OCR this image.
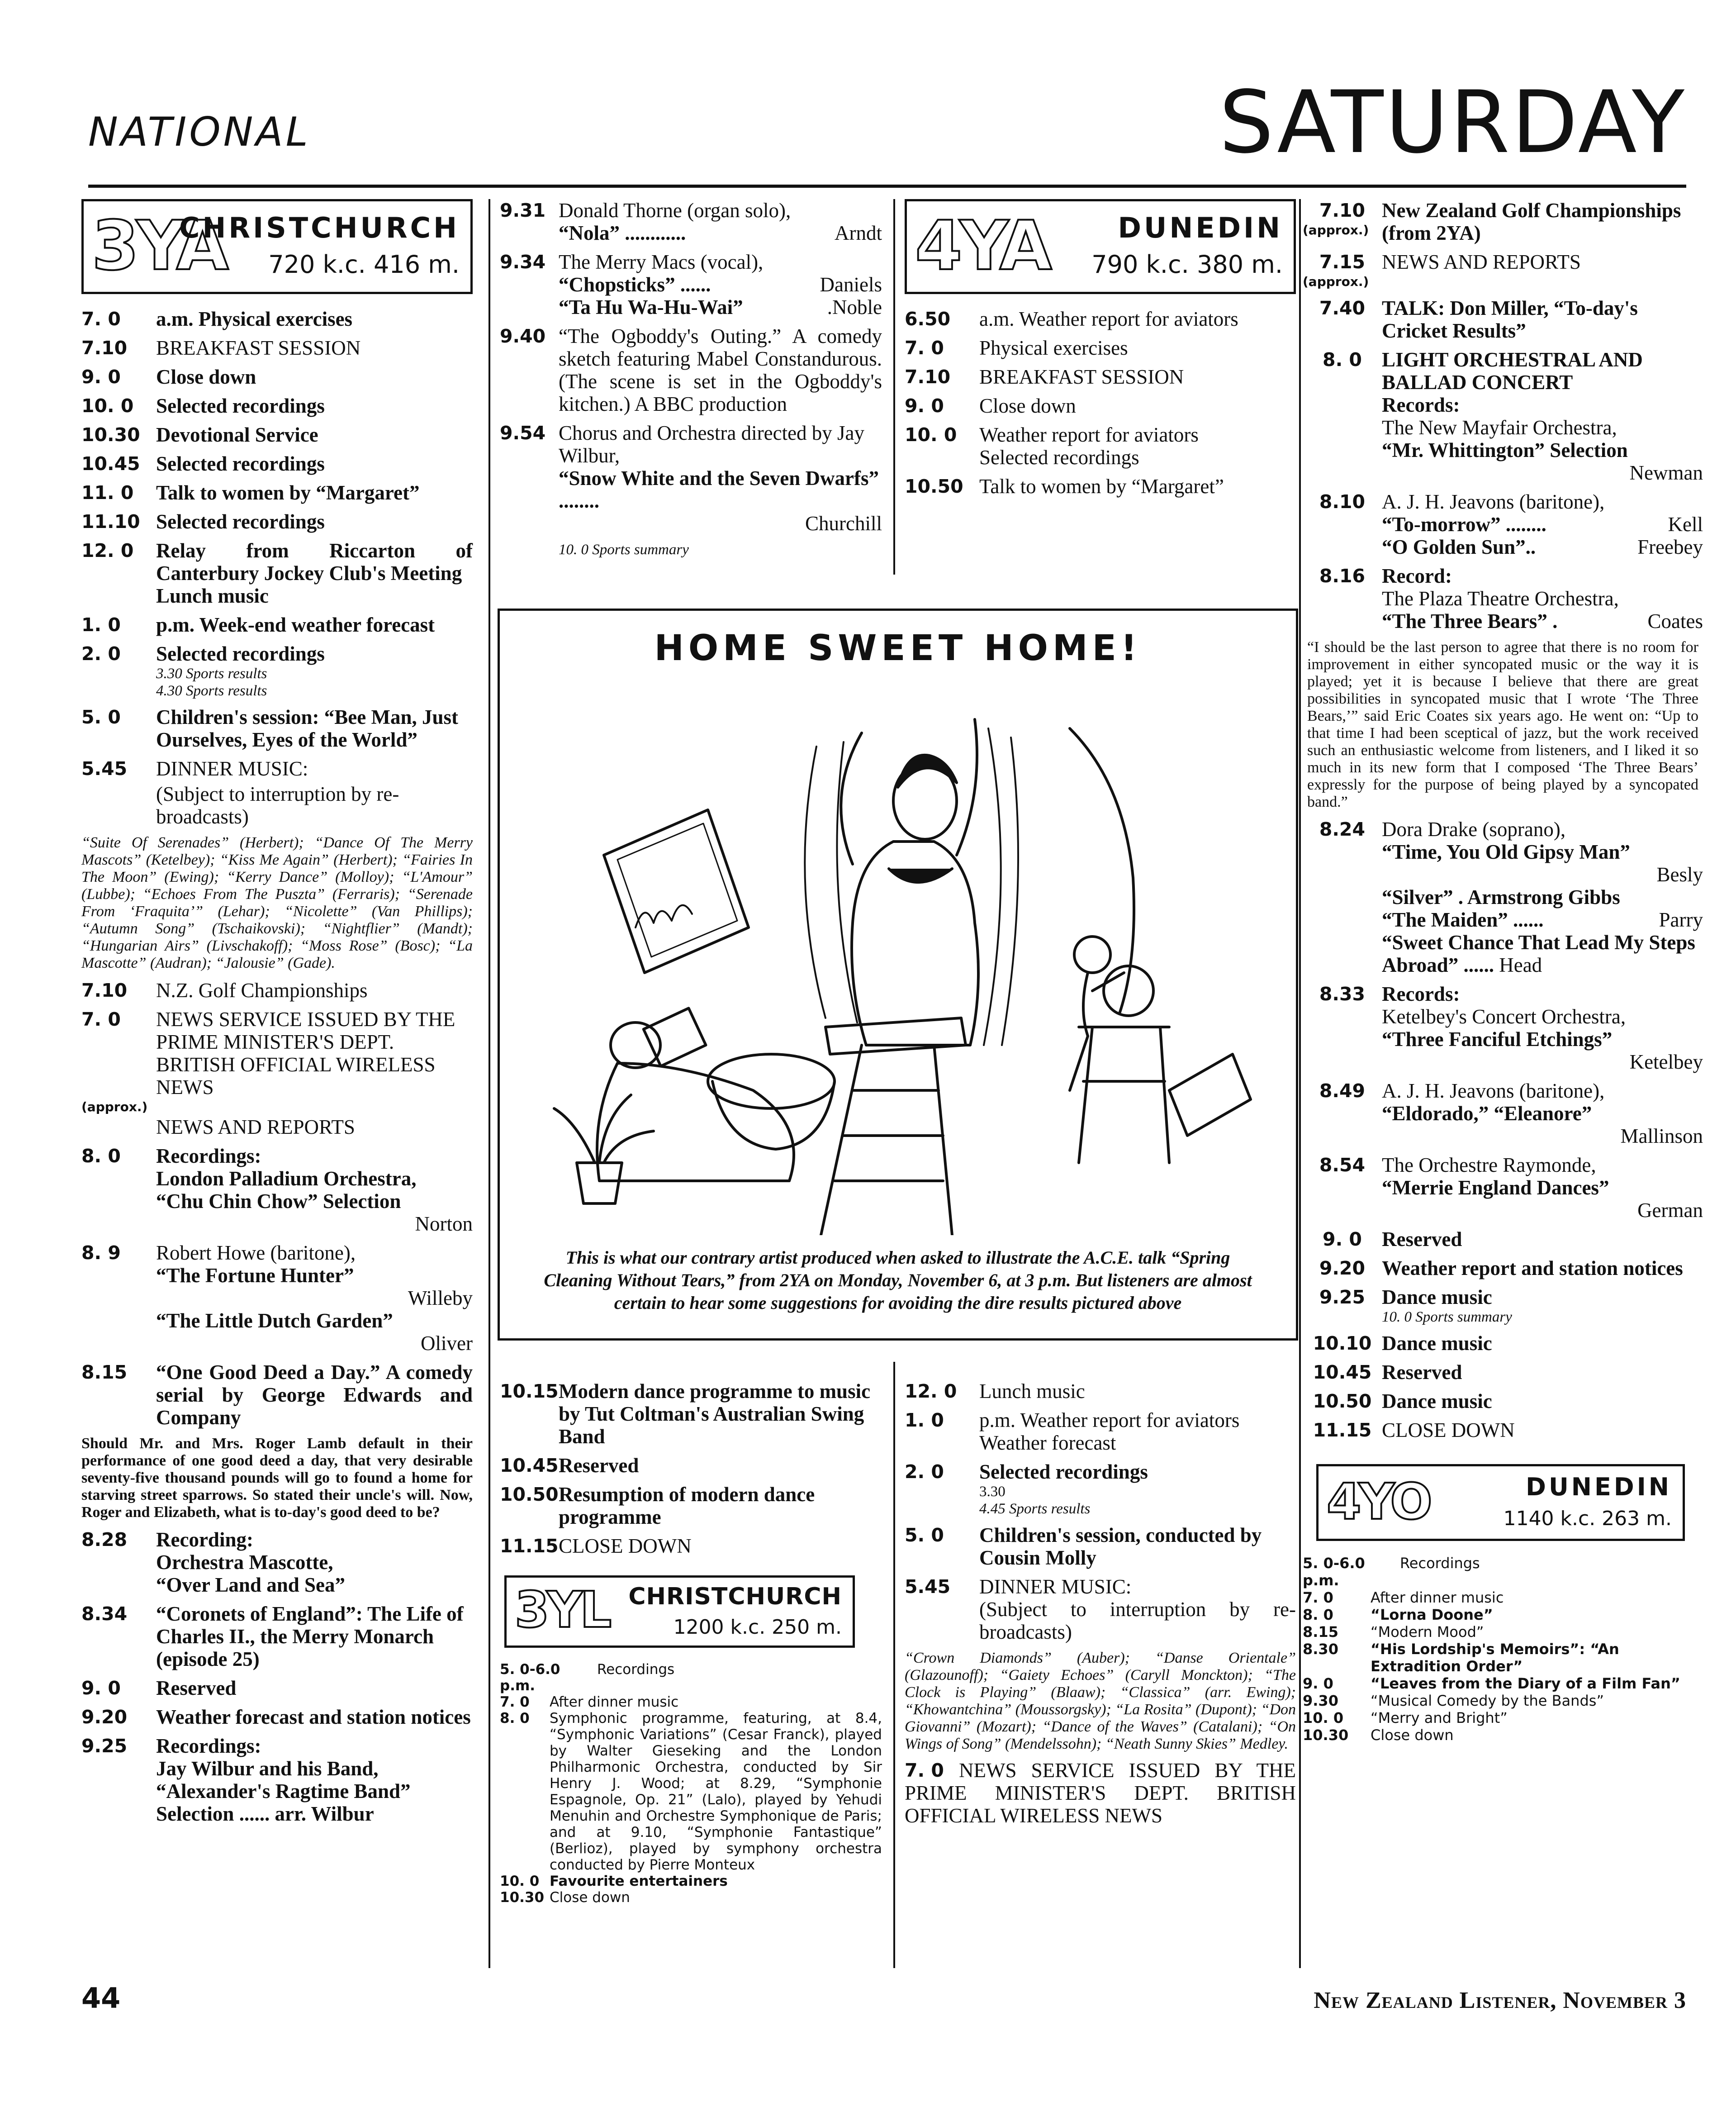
NATIONAL	SATURDAY
3YA
CHRISTCHURCH
720 k.c. 416 m.
7. 0	a.m. Physical exercises
7.10	BREAKFAST SESSION
9. 0	Close down
10. 0	Selected recordings
10.30 Devotional Service
10.45 Selected recordings
11. 0	Talk to women by “Margaret”
11.10 Selected recordings
12. 0	Relay from Riccarton of Canterbury Jockey Club's Meeting
Lunch music
1. 0	p.m. Week-end weather forecast
2. 0	Selected recordings
3.30 Sports results
4.30 Sports results
5. 0	Children's session: “Bee Man, Just Ourselves, Eyes of the World”
5.45	DINNER MUSIC:
(Subject to interruption by re-broadcasts)
“Suite Of Serenades” (Herbert); “Dance Of The Merry Mascots” (Ketelbey); “Kiss Me Again” (Herbert); “Fairies In The Moon” (Ewing); “Kerry Dance” (Molloy); “L'Amour” (Lubbe); “Echoes From The Puszta” (Ferraris); “Serenade From ‘Fraquita’” (Lehar); “Nicolette” (Van Phillips); “Autumn Song” (Tschaikovski); “Nightflier” (Mandt); “Hungarian Airs” (Livschakoff); “Moss Rose” (Bosc); “La Mascotte” (Audran); “Jalousie” (Gade).
7.10	N.Z. Golf Championships
7. 0	NEWS SERVICE ISSUED BY THE PRIME MINISTER'S DEPT. BRITISH OFFICIAL WIRELESS NEWS
(approx.)
NEWS AND REPORTS
8. 0	Recordings:
London Palladium Orchestra,
“Chu Chin Chow” Selection
Norton
8. 9	Robert Howe (baritone),
“The Fortune Hunter”
Willeby
“The Little Dutch Garden”
Oliver
8.15	“One Good Deed a Day.” A comedy serial by George Edwards and Company
Should Mr. and Mrs. Roger Lamb default in their performance of one good deed a day, that very desirable seventy-five thousand pounds will go to found a home for starving street sparrows. So stated their uncle's will. Now, Roger and Elizabeth, what is to-day's good deed to be?
8.28	Recording:
Orchestra Mascotte,
“Over Land and Sea”
8.34	“Coronets of England”: The Life of Charles II., the Merry Monarch (episode 25)
9. 0	Reserved
9.20	Weather forecast and station notices
9.25	Recordings:
Jay Wilbur and his Band,
“Alexander's Ragtime Band”
Selection ...... arr. Wilbur
9.31 Donald Thorne (organ solo),
“Nola” ............	Arndt
9.34 The Merry Macs (vocal),
“Chopsticks” ......	Daniels
“Ta Hu Wa-Hu-Wai”	.Noble
9.40 “The Ogboddy's Outing.” A comedy sketch featuring Mabel Constandurous. (The scene is set in the Ogboddy's kitchen.) A BBC production
9.54 Chorus and Orchestra directed by Jay Wilbur,
“Snow White and the Seven Dwarfs” ........
Churchill
10. 0 Sports summary
4YA DUNEDIN
790 k.c. 380 m.
6.50	a.m. Weather report for aviators
7. 0	Physical exercises
7.10	BREAKFAST SESSION
9. 0	Close down
10. 0	Weather report for aviators
Selected recordings
10.50 Talk to women by “Margaret”
HOME SWEET HOME!
This is what our contrary artist produced when asked to illustrate the A.C.E. talk “Spring Cleaning Without Tears,” from 2YA on Monday, November 6, at 3 p.m. But listeners are almost certain to hear some suggestions for avoiding the dire results pictured above
7.10
(approx.)
New Zealand Golf Championships (from 2YA)
7.15
(approx.)
NEWS AND REPORTS
7.40 TALK: Don Miller, “To-day's Cricket Results”
8. 0 LIGHT ORCHESTRAL AND BALLAD CONCERT
Records:
The New Mayfair Orchestra,
“Mr. Whittington” Selection
Newman
8.10 A. J. H. Jeavons (baritone),
“To-morrow” ........	Kell
“O Golden Sun”..	Freebey
8.16 Record:
The Plaza Theatre Orchestra,
“The Three Bears” .	Coates
“I should be the last person to agree that there is no room for improvement in either syncopated music or the way it is played; yet it is because I believe that there are great possibilities in syncopated music that I wrote ‘The Three Bears,’” said Eric Coates six years ago. He went on: “Up to that time I had been sceptical of jazz, but the work received such an enthusiastic welcome from listeners, and I liked it so much in its new form that I composed ‘The Three Bears’ expressly for the purpose of being played by a syncopated band.”
8.24 Dora Drake (soprano),
“Time, You Old Gipsy Man”
Besly
“Silver” . Armstrong Gibbs
“The Maiden” ......	Parry
“Sweet Chance That Lead My Steps Abroad” ...... Head
8.33 Records:
Ketelbey's Concert Orchestra,
“Three Fanciful Etchings”
Ketelbey
8.49 A. J. H. Jeavons (baritone),
“Eldorado,” “Eleanore”
Mallinson
8.54 The Orchestre Raymonde,
“Merrie England Dances”
German
9. 0 Reserved
9.20 Weather report and station notices
9.25 Dance music
10. 0 Sports summary
10.10 Dance music
10.45 Reserved
10.50 Dance music
11.15 CLOSE DOWN
4YO	DUNEDIN
1140 k.c. 263 m.
5. 0-6.0 p.m.
Recordings
7. 0	After dinner music
8. 0	“Lorna Doone”
8.15	“Modern Mood”
8.30	“His Lordship's Memoirs”: “An Extradition Order”
9. 0	“Leaves from the Diary of a Film Fan”
9.30	“Musical Comedy by the Bands”
10. 0	“Merry and Bright”
10.30	Close down
10.15 Modern dance programme to music by Tut Coltman's Australian Swing Band
10.45 Reserved
10.50 Resumption of modern dance programme
11.15 CLOSE DOWN
3YL CHRISTCHURCH
1200 k.c. 250 m.
5. 0-6.0 p.m.
Recordings
7. 0	After dinner music
8. 0	Symphonic programme, featuring, at 8.4, “Symphonic Variations” (Cesar Franck), played by Walter Gieseking and the London Philharmonic Orchestra, conducted by Sir Henry J. Wood; at 8.29, “Symphonie Espagnole, Op. 21” (Lalo), played by Yehudi Menuhin and Orchestre Symphonique de Paris; and at 9.10, “Symphonie Fantastique” (Berlioz), played by symphony orchestra conducted by Pierre Monteux
10. 0 Favourite entertainers
10.30 Close down
12. 0	Lunch music
1. 0	p.m. Weather report for aviators
Weather forecast
2. 0	Selected recordings
3.30
4.45 Sports results
5. 0	Children's session, conducted by Cousin Molly
5.45	DINNER MUSIC:
(Subject to interruption by re-broadcasts)
“Crown Diamonds” (Auber); “Danse Orientale” (Glazounoff); “Gaiety Echoes” (Caryll Monckton); “The Clock is Playing” (Blaaw); “Classica” (arr. Ewing); “Khowantchina” (Moussorgsky); “La Rosita” (Dupont); “Don Giovanni” (Mozart); “Dance of the Waves” (Catalani); “On Wings of Song” (Mendelssohn); “Neath Sunny Skies” Medley.
7. 0 NEWS SERVICE ISSUED BY THE PRIME MINISTER'S DEPT. BRITISH OFFICIAL WIRELESS NEWS
44	New Zealand Listener, November 3
